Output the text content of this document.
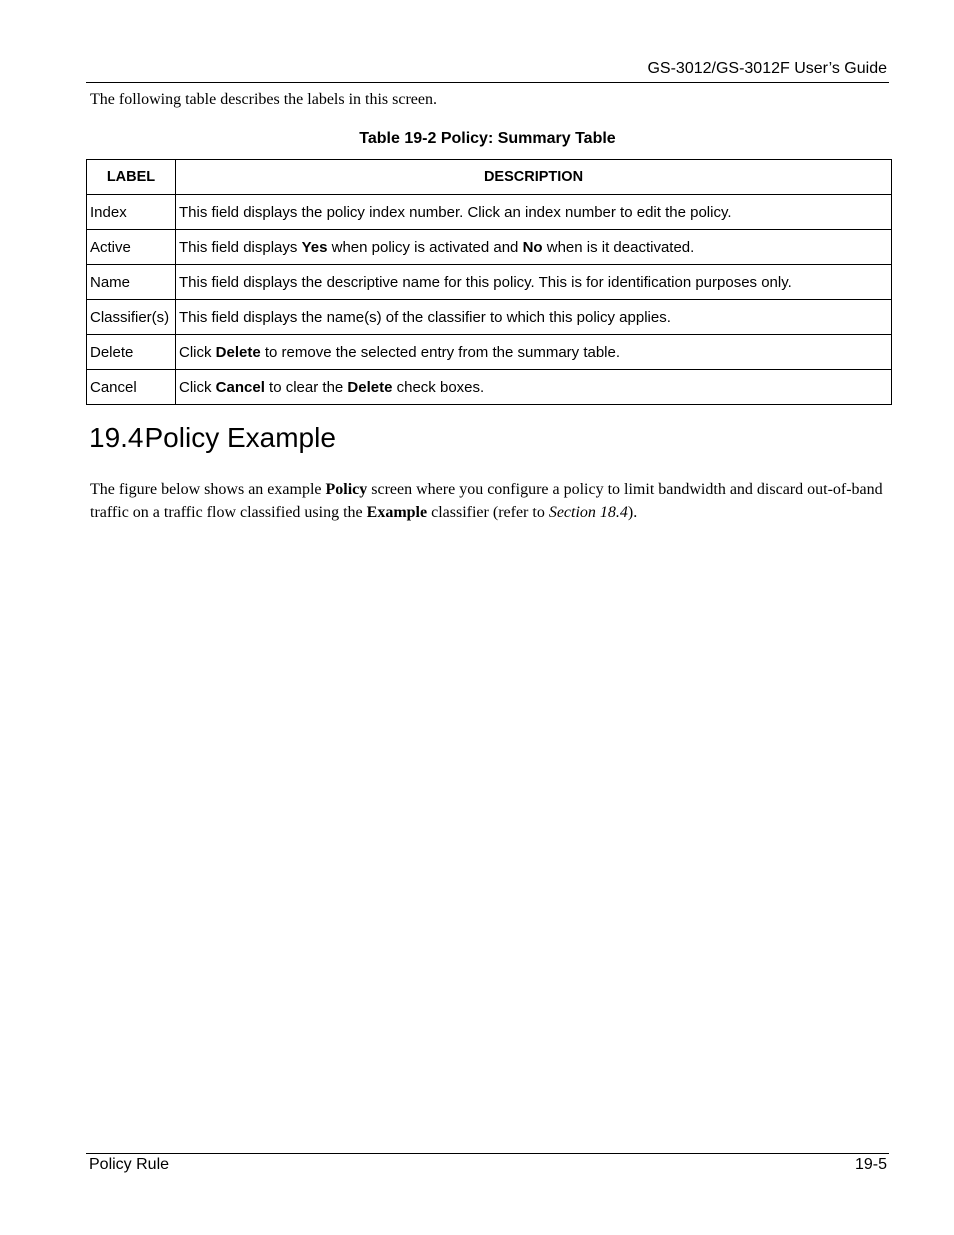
GS-3012/GS-3012F User’s Guide
The following table describes the labels in this screen.
Table 19-2 Policy: Summary Table
LABEL	DESCRIPTION
Index	This field displays the policy index number. Click an index number to edit the policy.
Active	This field displays Yes when policy is activated and No when is it deactivated.
Name	This field displays the descriptive name for this policy. This is for identification purposes only.
Classifier(s)	This field displays the name(s) of the classifier to which this policy applies.
Delete	Click Delete to remove the selected entry from the summary table.
Cancel	Click Cancel to clear the Delete check boxes.
19.4Policy Example

The figure below shows an example Policy screen where you configure a policy to limit bandwidth and discard out-of-band traffic on a traffic flow classified using the Example classifier (refer to Section 18.4).

Policy Rule	19-5
